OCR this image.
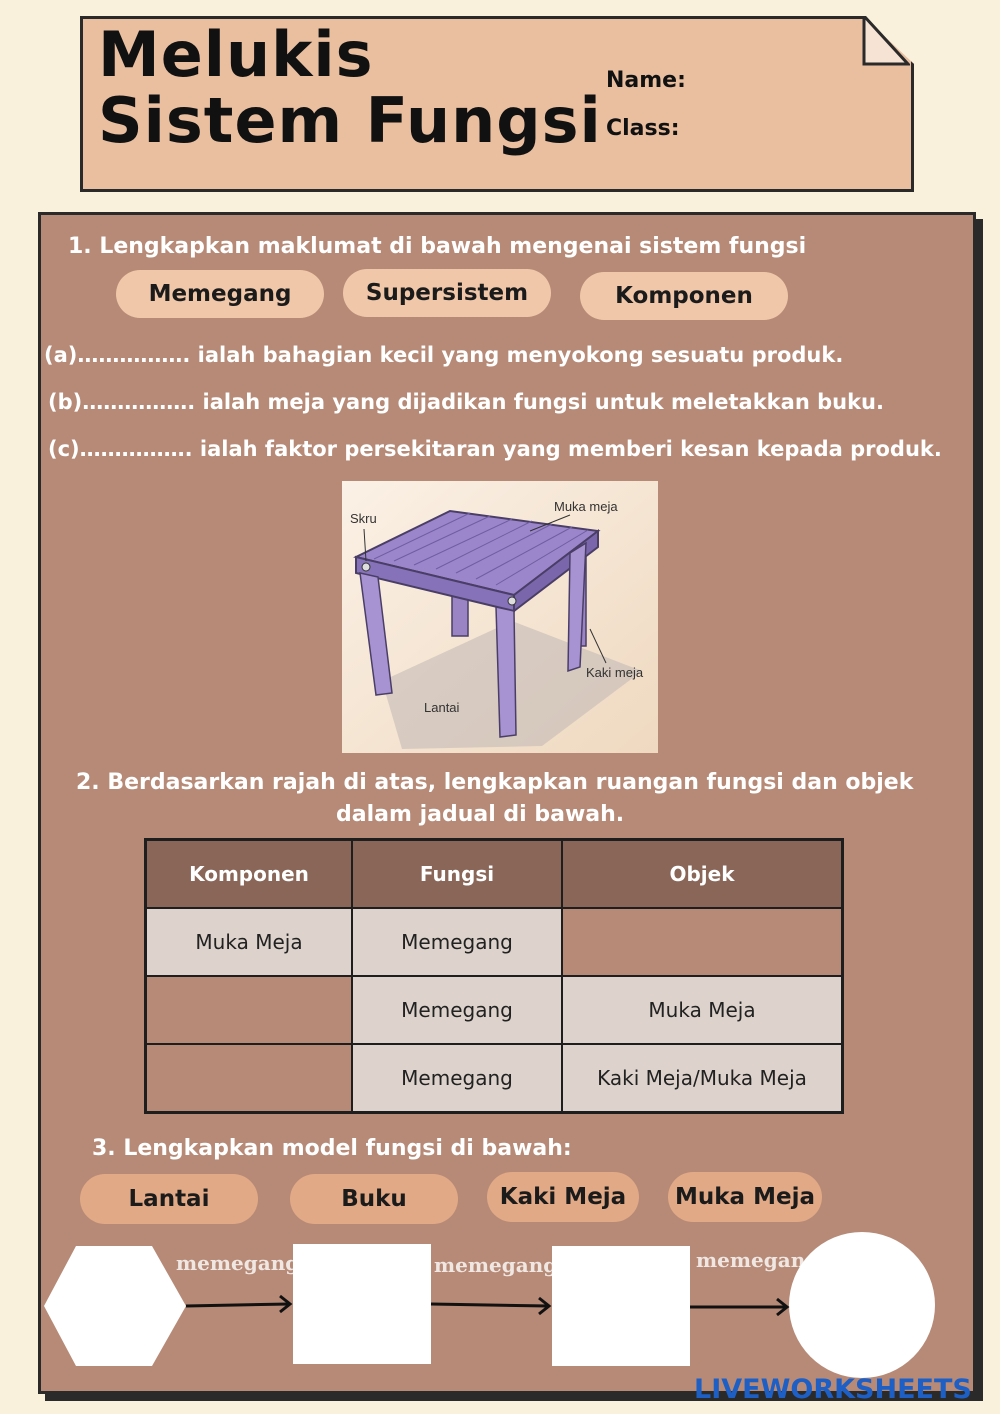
Melukis
Sistem Fungsi
Name:
Class:
1. Lengkapkan maklumat di bawah mengenai sistem fungsi
Memegang	Supersistem	Komponen
(a)……………. ialah bahagian kecil yang menyokong sesuatu produk.
(b)……………. ialah meja yang dijadikan fungsi untuk meletakkan buku.
(c)……………. ialah faktor persekitaran yang memberi kesan kepada produk.
Skru
Muka meja
Kaki meja
Lantai
2. Berdasarkan rajah di atas, lengkapkan ruangan fungsi dan objek
dalam jadual di bawah.
Komponen	Fungsi	Objek
Muka Meja	Memegang	
	Memegang	Muka Meja
	Memegang	Kaki Meja/Muka Meja
3. Lengkapkan model fungsi di bawah:
Lantai	Buku	Kaki Meja	Muka Meja
memegang	memegang	memegang
LIVEWORKSHEETS
